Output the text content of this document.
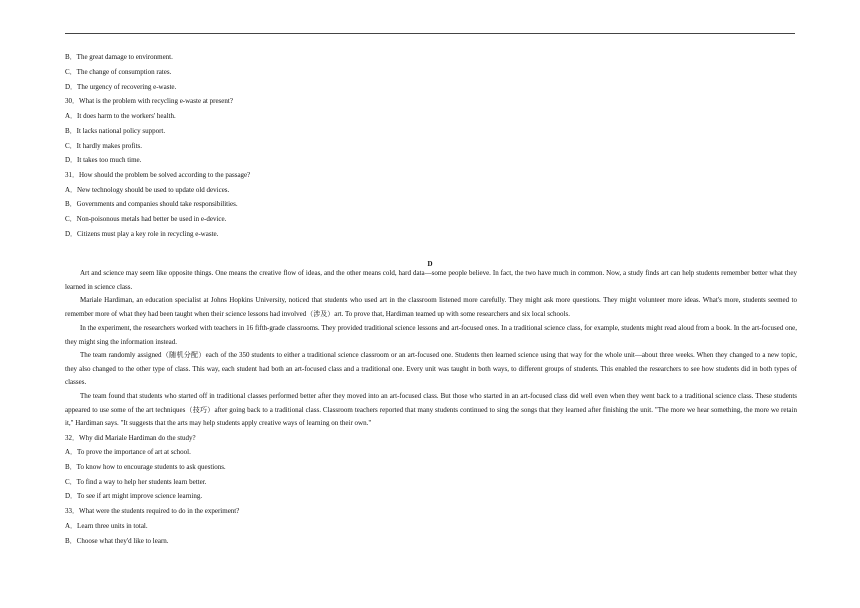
B．The great damage to environment.
C．The change of consumption rates.
D．The urgency of recovering e-waste.
30．What is the problem with recycling e-waste at present?
A．It does harm to the workers' health.
B．It lacks national policy support.
C．It hardly makes profits.
D．It takes too much time.
31．How should the problem be solved according to the passage?
A．New technology should be used to update old devices.
B．Governments and companies should take responsibilities.
C．Non-poisonous metals had better be used in e-device.
D．Citizens must play a key role in recycling e-waste.
D
Art and science may seem like opposite things. One means the creative flow of ideas, and the other means cold, hard data—some people believe. In fact, the two have much in common. Now, a study finds art can help students remember better what they learned in science class.
Mariale Hardiman, an education specialist at Johns Hopkins University, noticed that students who used art in the classroom listened more carefully. They might ask more questions. They might volunteer more ideas. What's more, students seemed to remember more of what they had been taught when their science lessons had involved（涉及）art. To prove that, Hardiman teamed up with some researchers and six local schools.
In the experiment, the researchers worked with teachers in 16 fifth-grade classrooms. They provided traditional science lessons and art-focused ones. In a traditional science class, for example, students might read aloud from a book. In the art-focused one, they might sing the information instead.
The team randomly assigned（随机分配）each of the 350 students to either a traditional science classroom or an art-focused one. Students then learned science using that way for the whole unit—about three weeks. When they changed to a new topic, they also changed to the other type of class. This way, each student had both an art-focused class and a traditional one. Every unit was taught in both ways, to different groups of students. This enabled the researchers to see how students did in both types of classes.
The team found that students who started off in traditional classes performed better after they moved into an art-focused class. But those who started in an art-focused class did well even when they went back to a traditional science class. These students appeared to use some of the art techniques（技巧）after going back to a traditional class. Classroom teachers reported that many students continued to sing the songs that they learned after finishing the unit. "The more we hear something, the more we retain it," Hardiman says. "It suggests that the arts may help students apply creative ways of learning on their own."
32．Why did Mariale Hardiman do the study?
A．To prove the importance of art at school.
B．To know how to encourage students to ask questions.
C．To find a way to help her students learn better.
D．To see if art might improve science learning.
33．What were the students required to do in the experiment?
A．Learn three units in total.
B．Choose what they'd like to learn.
